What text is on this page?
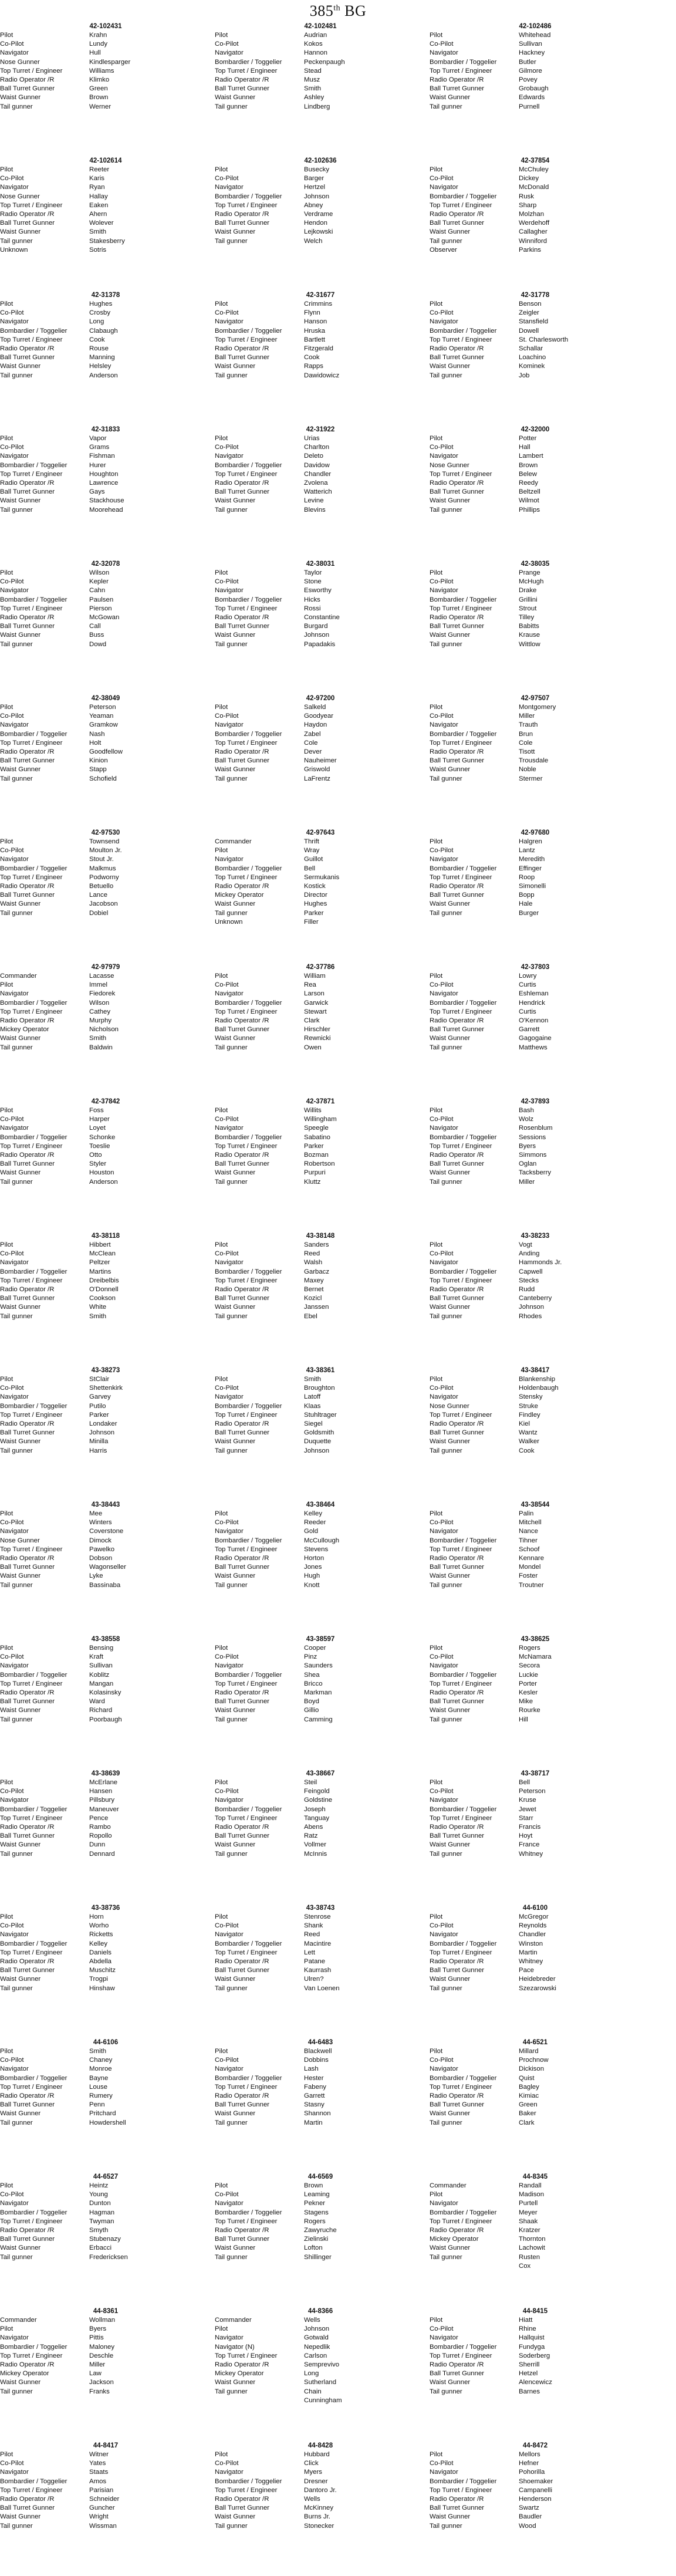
385th BG
42-102431
Pilot	Krahn
Co-Pilot	Lundy
Navigator	Hull
Nose Gunner	Kindlesparger
Top Turret / Engineer	Williams
Radio Operator /R	Klimko
Ball Turret Gunner	Green
Waist Gunner	Brown
Tail gunner	Werner
42-102481
Pilot	Audrian
Co-Pilot	Kokos
Navigator	Hannon
Bombardier / Toggelier	Peckenpaugh
Top Turret / Engineer	Stead
Radio Operator /R	Musz
Ball Turret Gunner	Smith
Waist Gunner	Ashley
Tail gunner	Lindberg
42-102486
Pilot	Whitehead
Co-Pilot	Sullivan
Navigator	Hackney
Bombardier / Toggelier	Butler
Top Turret / Engineer	Gilmore
Radio Operator /R	Povey
Ball Turret Gunner	Grobaugh
Waist Gunner	Edwards
Tail gunner	Purnell
42-102614
Pilot	Reeter
Co-Pilot	Karis
Navigator	Ryan
Nose Gunner	Hallay
Top Turret / Engineer	Eaken
Radio Operator /R	Ahern
Ball Turret Gunner	Wolever
Waist Gunner	Smith
Tail gunner	Stakesberry
Unknown	Sotris
42-102636
Pilot	Busecky
Co-Pilot	Barger
Navigator	Hertzel
Bombardier / Toggelier	Johnson
Top Turret / Engineer	Abney
Radio Operator /R	Verdrame
Ball Turret Gunner	Hendon
Waist Gunner	Lejkowski
Tail gunner	Welch
42-37854
Pilot	McChuley
Co-Pilot	Dickey
Navigator	McDonald
Bombardier / Toggelier	Rusk
Top Turret / Engineer	Sharp
Radio Operator /R	Molzhan
Ball Turret Gunner	Werdehoff
Waist Gunner	Callagher
Tail gunner	Winniford
Observer	Parkins
42-31378
Pilot	Hughes
Co-Pilot	Crosby
Navigator	Long
Bombardier / Toggelier	Clabaugh
Top Turret / Engineer	Cook
Radio Operator /R	Rouse
Ball Turret Gunner	Manning
Waist Gunner	Helsley
Tail gunner	Anderson
42-31677
Pilot	Crimmins
Co-Pilot	Flynn
Navigator	Hanson
Bombardier / Toggelier	Hruska
Top Turret / Engineer	Bartlett
Radio Operator /R	Fitzgerald
Ball Turret Gunner	Cook
Waist Gunner	Rapps
Tail gunner	Dawidowicz
42-31778
Pilot	Benson
Co-Pilot	Zeigler
Navigator	Stansfield
Bombardier / Toggelier	Dowell
Top Turret / Engineer	St. Charlesworth
Radio Operator /R	Schallar
Ball Turret Gunner	Loachino
Waist Gunner	Kominek
Tail gunner	Job
42-31833
Pilot	Vapor
Co-Pilot	Grams
Navigator	Fishman
Bombardier / Toggelier	Hurer
Top Turret / Engineer	Houghton
Radio Operator /R	Lawrence
Ball Turret Gunner	Gays
Waist Gunner	Stackhouse
Tail gunner	Moorehead
42-31922
Pilot	Urias
Co-Pilot	Charlton
Navigator	Deleto
Bombardier / Toggelier	Davidow
Top Turret / Engineer	Chandler
Radio Operator /R	Zvolena
Ball Turret Gunner	Watterich
Waist Gunner	Levine
Tail gunner	Blevins
42-32000
Pilot	Potter
Co-Pilot	Hall
Navigator	Lambert
Nose Gunner	Brown
Top Turret / Engineer	Belew
Radio Operator /R	Reedy
Ball Turret Gunner	Beltzell
Waist Gunner	Wilmot
Tail gunner	Phillips
42-32078
Pilot	Wilson
Co-Pilot	Kepler
Navigator	Cahn
Bombardier / Toggelier	Paulsen
Top Turret / Engineer	Pierson
Radio Operator /R	McGowan
Ball Turret Gunner	Call
Waist Gunner	Buss
Tail gunner	Dowd
42-38031
Pilot	Taylor
Co-Pilot	Stone
Navigator	Esworthy
Bombardier / Toggelier	Hicks
Top Turret / Engineer	Rossi
Radio Operator /R	Constantine
Ball Turret Gunner	Burgard
Waist Gunner	Johnson
Tail gunner	Papadakis
42-38035
Pilot	Prange
Co-Pilot	McHugh
Navigator	Drake
Bombardier / Toggelier	Grillini
Top Turret / Engineer	Strout
Radio Operator /R	Tilley
Ball Turret Gunner	Babitts
Waist Gunner	Krause
Tail gunner	Wittlow
42-38049
Pilot	Peterson
Co-Pilot	Yeaman
Navigator	Gramkow
Bombardier / Toggelier	Nash
Top Turret / Engineer	Holt
Radio Operator /R	Goodfellow
Ball Turret Gunner	Kinion
Waist Gunner	Stapp
Tail gunner	Schofield
42-97200
Pilot	Salkeld
Co-Pilot	Goodyear
Navigator	Haydon
Bombardier / Toggelier	Zabel
Top Turret / Engineer	Cole
Radio Operator /R	Dever
Ball Turret Gunner	Nauheimer
Waist Gunner	Griswold
Tail gunner	LaFrentz
42-97507
Pilot	Montgomery
Co-Pilot	Miller
Navigator	Trauth
Bombardier / Toggelier	Brun
Top Turret / Engineer	Cole
Radio Operator /R	Tisott
Ball Turret Gunner	Trousdale
Waist Gunner	Noble
Tail gunner	Stermer
42-97530
Pilot	Townsend
Co-Pilot	Moulton Jr.
Navigator	Stout Jr.
Bombardier / Toggelier	Malkmus
Top Turret / Engineer	Podworny
Radio Operator /R	Betuello
Ball Turret Gunner	Lance
Waist Gunner	Jacobson
Tail gunner	Dobiel
42-97643
Commander	Thrift
Pilot	Wray
Navigator	Guillot
Bombardier / Toggelier	Bell
Top Turret / Engineer	Sermukanis
Radio Operator /R	Kostick
Mickey Operator	Director
Waist Gunner	Hughes
Tail gunner	Parker
Unknown	Filler
42-97680
Pilot	Halgren
Co-Pilot	Lantz
Navigator	Meredith
Bombardier / Toggelier	Effinger
Top Turret / Engineer	Roop
Radio Operator /R	Simonelli
Ball Turret Gunner	Bopp
Waist Gunner	Hale
Tail gunner	Burger
42-97979
Commander	Lacasse
Pilot	Immel
Navigator	Fiedorek
Bombardier / Toggelier	Wilson
Top Turret / Engineer	Cathey
Radio Operator /R	Murphy
Mickey Operator	Nicholson
Waist Gunner	Smith
Tail gunner	Baldwin
42-37786
Pilot	William
Co-Pilot	Rea
Navigator	Larson
Bombardier / Toggelier	Garwick
Top Turret / Engineer	Stewart
Radio Operator /R	Clark
Ball Turret Gunner	Hirschler
Waist Gunner	Rewnicki
Tail gunner	Owen
42-37803
Pilot	Lowry
Co-Pilot	Curtis
Navigator	Eshleman
Bombardier / Toggelier	Hendrick
Top Turret / Engineer	Curtis
Radio Operator /R	O'Kennon
Ball Turret Gunner	Garrett
Waist Gunner	Gagogaine
Tail gunner	Matthews
42-37842
Pilot	Foss
Co-Pilot	Harper
Navigator	Loyet
Bombardier / Toggelier	Schonke
Top Turret / Engineer	Toeslie
Radio Operator /R	Otto
Ball Turret Gunner	Styler
Waist Gunner	Houston
Tail gunner	Anderson
42-37871
Pilot	Willits
Co-Pilot	Willingham
Navigator	Speegle
Bombardier / Toggelier	Sabatino
Top Turret / Engineer	Parker
Radio Operator /R	Bozman
Ball Turret Gunner	Robertson
Waist Gunner	Purpuri
Tail gunner	Kluttz
42-37893
Pilot	Bash
Co-Pilot	Wolz
Navigator	Rosenblum
Bombardier / Toggelier	Sessions
Top Turret / Engineer	Byers
Radio Operator /R	Simmons
Ball Turret Gunner	Oglan
Waist Gunner	Tacksberry
Tail gunner	Miller
43-38118
Pilot	Hibbert
Co-Pilot	McClean
Navigator	Peltzer
Bombardier / Toggelier	Martins
Top Turret / Engineer	Dreibelbis
Radio Operator /R	O'Donnell
Ball Turret Gunner	Cookson
Waist Gunner	White
Tail gunner	Smith
43-38148
Pilot	Sanders
Co-Pilot	Reed
Navigator	Walsh
Bombardier / Toggelier	Garbacz
Top Turret / Engineer	Maxey
Radio Operator /R	Bernet
Ball Turret Gunner	Kozicl
Waist Gunner	Janssen
Tail gunner	Ebel
43-38233
Pilot	Vogt
Co-Pilot	Anding
Navigator	Hammonds Jr.
Bombardier / Toggelier	Capwell
Top Turret / Engineer	Stecks
Radio Operator /R	Rudd
Ball Turret Gunner	Canteberry
Waist Gunner	Johnson
Tail gunner	Rhodes
43-38273
Pilot	StClair
Co-Pilot	Shettenkirk
Navigator	Garvey
Bombardier / Toggelier	Putilo
Top Turret / Engineer	Parker
Radio Operator /R	Londaker
Ball Turret Gunner	Johnson
Waist Gunner	Minilla
Tail gunner	Harris
43-38361
Pilot	Smith
Co-Pilot	Broughton
Navigator	Latoff
Bombardier / Toggelier	Klaas
Top Turret / Engineer	Stuhltrager
Radio Operator /R	Siegel
Ball Turret Gunner	Goldsmith
Waist Gunner	Duquette
Tail gunner	Johnson
43-38417
Pilot	Blankenship
Co-Pilot	Holdenbaugh
Navigator	Stensky
Nose Gunner	Struke
Top Turret / Engineer	Findley
Radio Operator /R	Kiel
Ball Turret Gunner	Wantz
Waist Gunner	Walker
Tail gunner	Cook
43-38443
Pilot	Mee
Co-Pilot	Winters
Navigator	Coverstone
Nose Gunner	Dimock
Top Turret / Engineer	Pawelko
Radio Operator /R	Dobson
Ball Turret Gunner	Wagonseller
Waist Gunner	Lyke
Tail gunner	Bassinaba
43-38464
Pilot	Kelley
Co-Pilot	Reeder
Navigator	Gold
Bombardier / Toggelier	McCullough
Top Turret / Engineer	Stevens
Radio Operator /R	Horton
Ball Turret Gunner	Jones
Waist Gunner	Hugh
Tail gunner	Knott
43-38544
Pilot	Palin
Co-Pilot	Mitchell
Navigator	Nance
Bombardier / Toggelier	Tihner
Top Turret / Engineer	Schoof
Radio Operator /R	Kennare
Ball Turret Gunner	Mondel
Waist Gunner	Foster
Tail gunner	Troutner
43-38558
Pilot	Bensing
Co-Pilot	Kraft
Navigator	Sullivan
Bombardier / Toggelier	Koblitz
Top Turret / Engineer	Mangan
Radio Operator /R	Kolasinsky
Ball Turret Gunner	Ward
Waist Gunner	Richard
Tail gunner	Poorbaugh
43-38597
Pilot	Cooper
Co-Pilot	Pinz
Navigator	Saunders
Bombardier / Toggelier	Shea
Top Turret / Engineer	Bricco
Radio Operator /R	Markman
Ball Turret Gunner	Boyd
Waist Gunner	Gillio
Tail gunner	Camming
43-38625
Pilot	Rogers
Co-Pilot	McNamara
Navigator	Secora
Bombardier / Toggelier	Luckie
Top Turret / Engineer	Porter
Radio Operator /R	Kesler
Ball Turret Gunner	Mike
Waist Gunner	Rourke
Tail gunner	Hill
43-38639
Pilot	McErlane
Co-Pilot	Hansen
Navigator	Pillsbury
Bombardier / Toggelier	Maneuver
Top Turret / Engineer	Pence
Radio Operator /R	Rambo
Ball Turret Gunner	Ropollo
Waist Gunner	Dunn
Tail gunner	Dennard
43-38667
Pilot	Steil
Co-Pilot	Feingold
Navigator	Goldstine
Bombardier / Toggelier	Joseph
Top Turret / Engineer	Tanguay
Radio Operator /R	Abens
Ball Turret Gunner	Ratz
Waist Gunner	Vollmer
Tail gunner	McInnis
43-38717
Pilot	Bell
Co-Pilot	Peterson
Navigator	Kruse
Bombardier / Toggelier	Jewet
Top Turret / Engineer	Starr
Radio Operator /R	Francis
Ball Turret Gunner	Hoyt
Waist Gunner	France
Tail gunner	Whitney
43-38736
Pilot	Horn
Co-Pilot	Worho
Navigator	Ricketts
Bombardier / Toggelier	Kelley
Top Turret / Engineer	Daniels
Radio Operator /R	Abdella
Ball Turret Gunner	Muschitz
Waist Gunner	Trogpi
Tail gunner	Hinshaw
43-38743
Pilot	Stenrose
Co-Pilot	Shank
Navigator	Reed
Bombardier / Toggelier	Macintire
Top Turret / Engineer	Lett
Radio Operator /R	Patane
Ball Turret Gunner	Kaurrash
Waist Gunner	Ulren?
Tail gunner	Van Loenen
44-6100
Pilot	McGregor
Co-Pilot	Reynolds
Navigator	Chandler
Bombardier / Toggelier	Winston
Top Turret / Engineer	Martin
Radio Operator /R	Whitney
Ball Turret Gunner	Pace
Waist Gunner	Heidebreder
Tail gunner	Szezarowski
44-6106
Pilot	Smith
Co-Pilot	Chaney
Navigator	Monroe
Bombardier / Toggelier	Bayne
Top Turret / Engineer	Louse
Radio Operator /R	Rumery
Ball Turret Gunner	Penn
Waist Gunner	Pritchard
Tail gunner	Howdershell
44-6483
Pilot	Blackwell
Co-Pilot	Dobbins
Navigator	Lash
Bombardier / Toggelier	Hester
Top Turret / Engineer	Fabeny
Radio Operator /R	Garrett
Ball Turret Gunner	Stasny
Waist Gunner	Shannon
Tail gunner	Martin
44-6521
Pilot	Millard
Co-Pilot	Prochnow
Navigator	Dickison
Bombardier / Toggelier	Quist
Top Turret / Engineer	Bagley
Radio Operator /R	Kimiac
Ball Turret Gunner	Green
Waist Gunner	Baker
Tail gunner	Clark
44-6527
Pilot	Heintz
Co-Pilot	Young
Navigator	Dunton
Bombardier / Toggelier	Hagman
Top Turret / Engineer	Twyman
Radio Operator /R	Smyth
Ball Turret Gunner	Stubenazy
Waist Gunner	Erbacci
Tail gunner	Fredericksen
44-6569
Pilot	Brown
Co-Pilot	Leaming
Navigator	Pekner
Bombardier / Toggelier	Stagens
Top Turret / Engineer	Rogers
Radio Operator /R	Zawyruche
Ball Turret Gunner	Zielinski
Waist Gunner	Lofton
Tail gunner	Shillinger
44-8345
Commander	Randall
Pilot	Madison
Navigator	Purtell
Bombardier / Toggelier	Meyer
Top Turret / Engineer	Shaak
Radio Operator /R	Kratzer
Mickey Operator	Thornton
Waist Gunner	Lachowit
Tail gunner	Rusten
Cox
44-8361
Commander	Wollman
Pilot	Byers
Navigator	Pittis
Bombardier / Toggelier	Maloney
Top Turret / Engineer	Deschle
Radio Operator /R	Miller
Mickey Operator	Law
Waist Gunner	Jackson
Tail gunner	Franks
44-8366
Commander	Wells
Pilot	Johnson
Navigator	Gotwald
Navigator (N)	Nepedlik
Top Turret / Engineer	Carlson
Radio Operator /R	Semprevivo
Mickey Operator	Long
Waist Gunner	Sutherland
Tail gunner	Chain
Cunningham
44-8415
Pilot	Hiatt
Co-Pilot	Rhine
Navigator	Hallquist
Bombardier / Toggelier	Fundyga
Top Turret / Engineer	Soderberg
Radio Operator /R	Sherrill
Ball Turret Gunner	Hetzel
Waist Gunner	Alencewicz
Tail gunner	Barnes
44-8417
Pilot	Witner
Co-Pilot	Yates
Navigator	Staats
Bombardier / Toggelier	Amos
Top Turret / Engineer	Parisian
Radio Operator /R	Schneider
Ball Turret Gunner	Guncher
Waist Gunner	Wright
Tail gunner	Wissman
44-8428
Pilot	Hubbard
Co-Pilot	Click
Navigator	Myers
Bombardier / Toggelier	Dresner
Top Turret / Engineer	Dantoro Jr.
Radio Operator /R	Wells
Ball Turret Gunner	McKinney
Waist Gunner	Burns Jr.
Tail gunner	Stonecker
44-8472
Pilot	Mellors
Co-Pilot	Hefner
Navigator	Pohorilla
Bombardier / Toggelier	Shoemaker
Top Turret / Engineer	Campanelli
Radio Operator /R	Henderson
Ball Turret Gunner	Swartz
Waist Gunner	Baudler
Tail gunner	Wood
